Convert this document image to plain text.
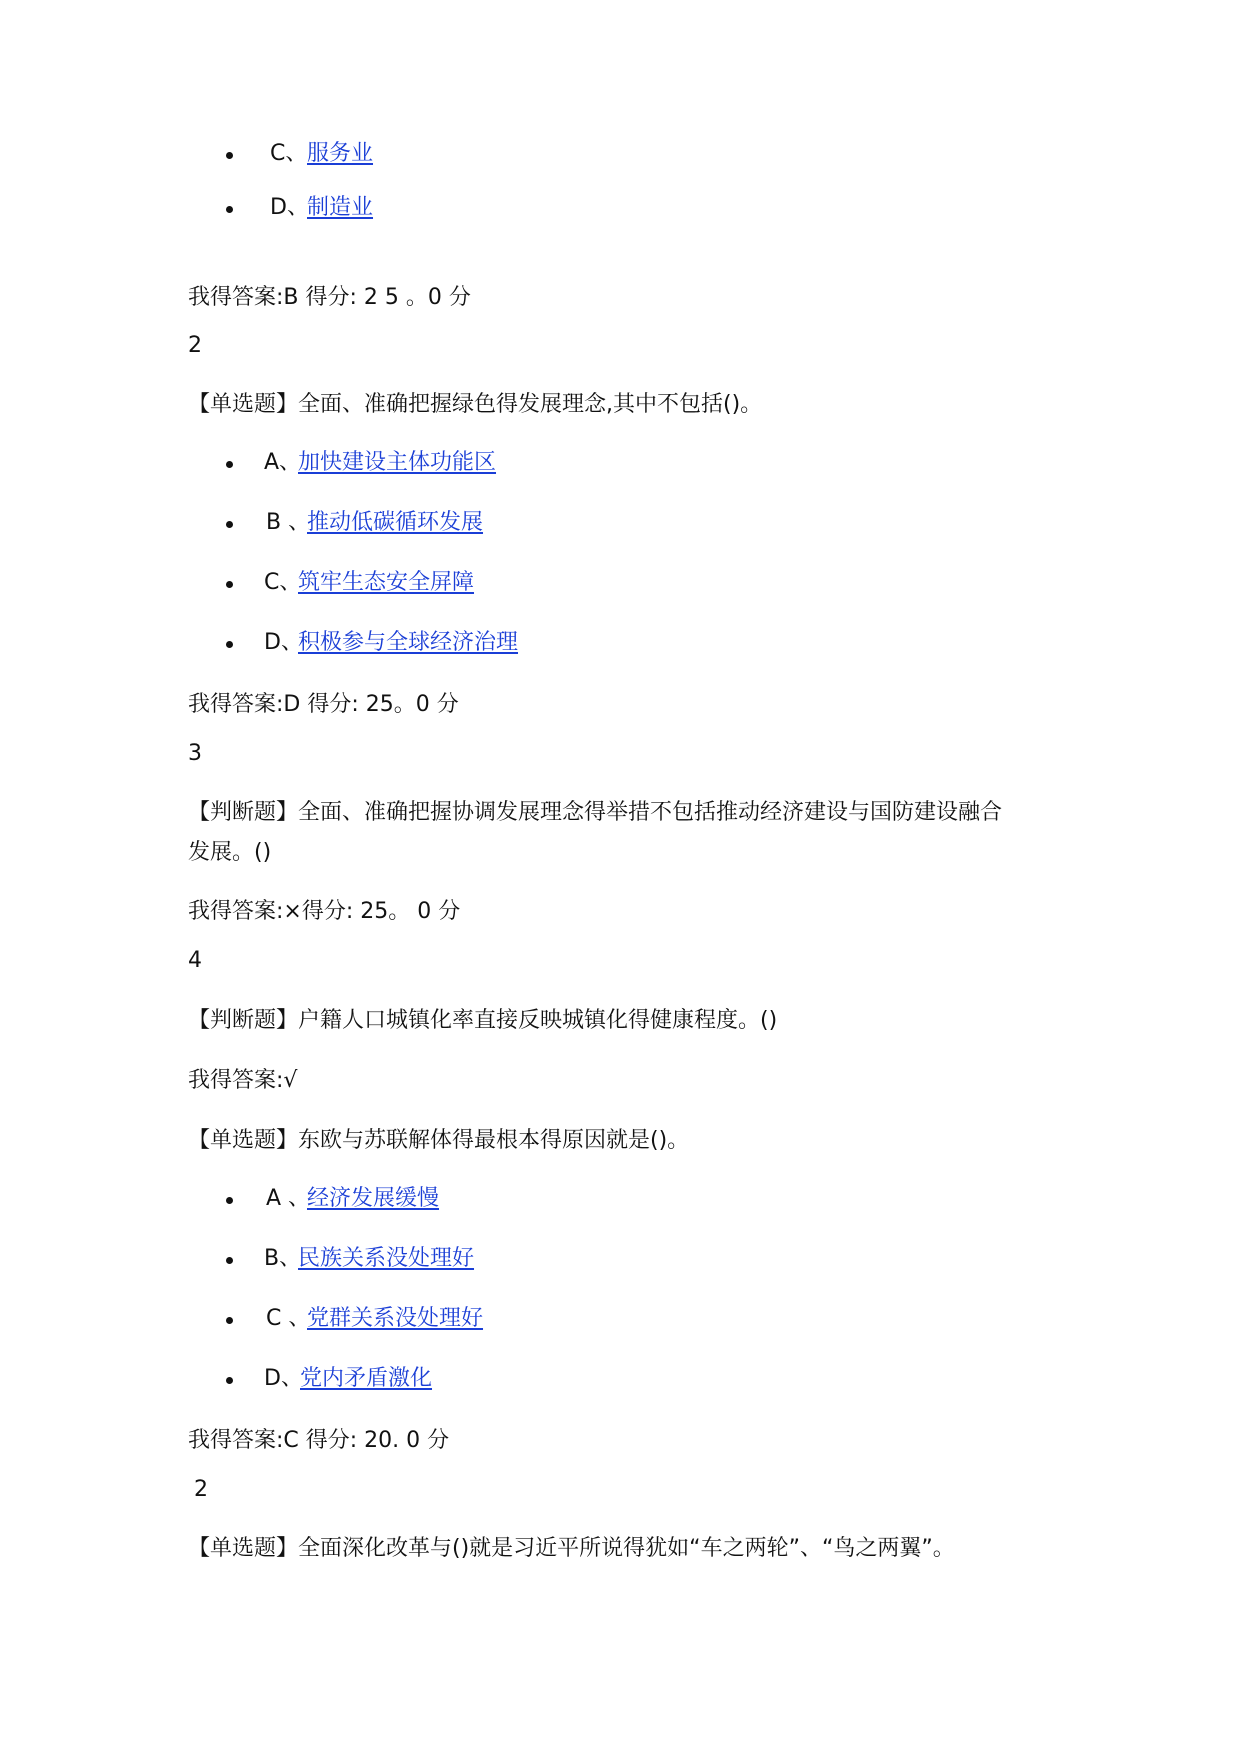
C、 服务业
D、
制造业
我得答案:B 得分: 2 5 。0 分
2
【单选题】全面、准确把握绿色得发展理念,其中不包括()。
A、
加快建设主体功能区
B 、
推动低碳循环发展
C、
筑牢生态安全屏障
D、
积极参与全球经济治理
我得答案:D 得分: 25。0 分
3
【判断题】全面、准确把握协调发展理念得举措不包括推动经济建设与国防建设融合
发展。()
我得答案:×得分: 25。 0 分
4
【判断题】户籍人口城镇化率直接反映城镇化得健康程度。()
我得答案:√
【单选题】东欧与苏联解体得最根本得原因就是()。
A 、
经济发展缓慢
B、
民族关系没处理好
C 、
党群关系没处理好
D、
党内矛盾激化
我得答案:C 得分: 20. 0 分
2
【单选题】全面深化改革与()就是习近平所说得犹如“车之两轮”、“鸟之两翼”。
